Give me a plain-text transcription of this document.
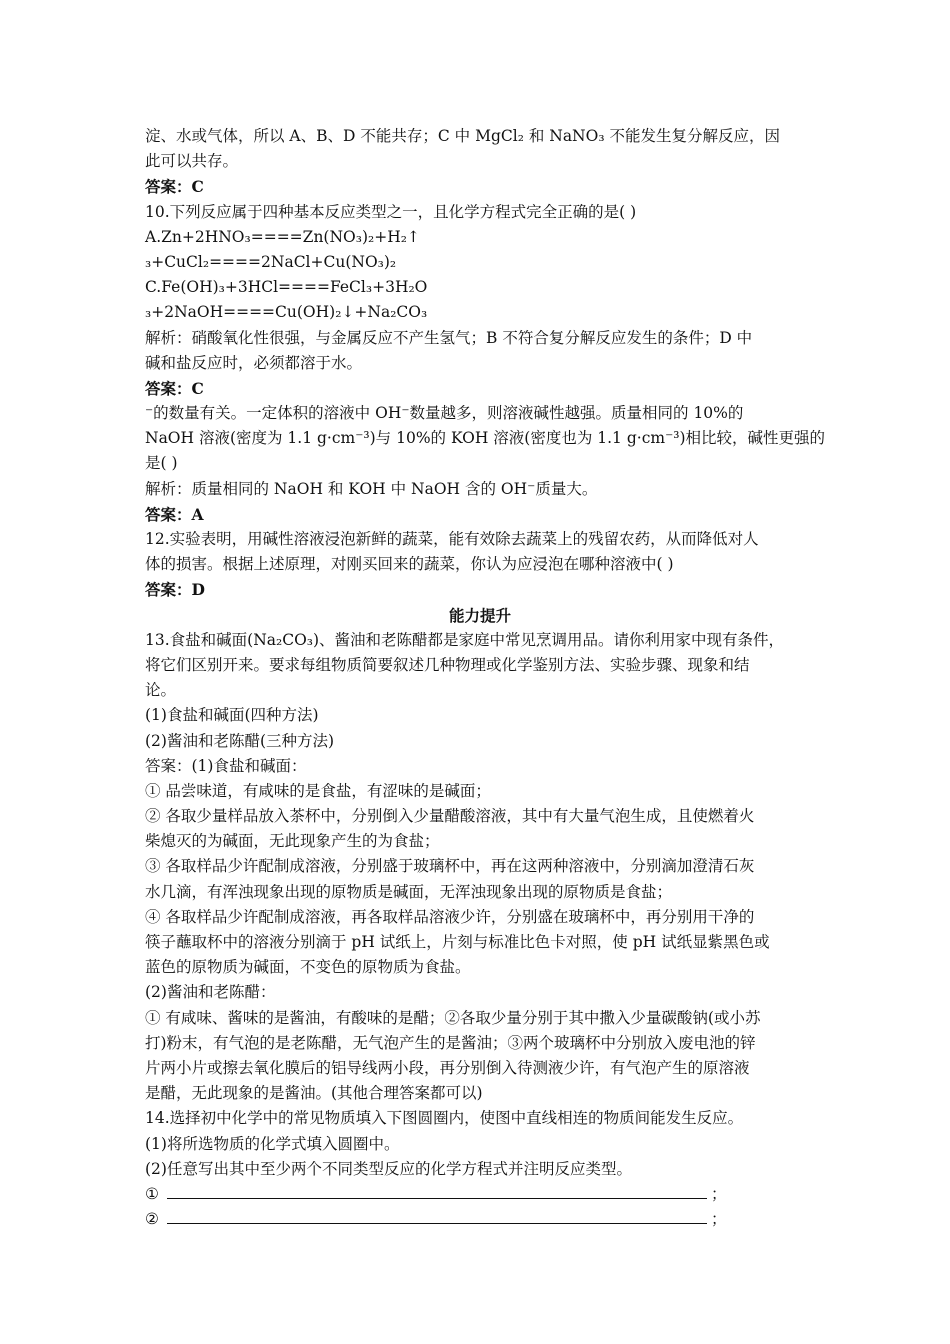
淀、水或气体，所以 A、B、D 不能共存；C 中 MgCl₂ 和 NaNO₃ 不能发生复分解反应，因
此可以共存。
答案：C
10.下列反应属于四种基本反应类型之一，且化学方程式完全正确的是( )
A.Zn+2HNO₃====Zn(NO₃)₂+H₂↑
₃+CuCl₂====2NaCl+Cu(NO₃)₂
C.Fe(OH)₃+3HCl====FeCl₃+3H₂O
₃+2NaOH====Cu(OH)₂↓+Na₂CO₃
解析：硝酸氧化性很强，与金属反应不产生氢气；B 不符合复分解反应发生的条件；D 中
碱和盐反应时，必须都溶于水。
答案：C
⁻的数量有关。一定体积的溶液中 OH⁻数量越多，则溶液碱性越强。质量相同的 10%的
NaOH 溶液(密度为 1.1 g·cm⁻³)与 10%的 KOH 溶液(密度也为 1.1 g·cm⁻³)相比较，碱性更强的
是( )
解析：质量相同的 NaOH 和 KOH 中 NaOH 含的 OH⁻质量大。
答案：A
12.实验表明，用碱性溶液浸泡新鲜的蔬菜，能有效除去蔬菜上的残留农药，从而降低对人
体的损害。根据上述原理，对刚买回来的蔬菜，你认为应浸泡在哪种溶液中( )
答案：D
能力提升
13.食盐和碱面(Na₂CO₃)、酱油和老陈醋都是家庭中常见烹调用品。请你利用家中现有条件，
将它们区别开来。要求每组物质简要叙述几种物理或化学鉴别方法、实验步骤、现象和结
论。
(1)食盐和碱面(四种方法)
(2)酱油和老陈醋(三种方法)
答案：(1)食盐和碱面：
① 品尝味道，有咸味的是食盐，有涩味的是碱面；
② 各取少量样品放入茶杯中，分别倒入少量醋酸溶液，其中有大量气泡生成，且使燃着火
柴熄灭的为碱面，无此现象产生的为食盐；
③ 各取样品少许配制成溶液，分别盛于玻璃杯中，再在这两种溶液中，分别滴加澄清石灰
水几滴，有浑浊现象出现的原物质是碱面，无浑浊现象出现的原物质是食盐；
④ 各取样品少许配制成溶液，再各取样品溶液少许，分别盛在玻璃杯中，再分别用干净的
筷子蘸取杯中的溶液分别滴于 pH 试纸上，片刻与标准比色卡对照，使 pH 试纸显紫黑色或
蓝色的原物质为碱面，不变色的原物质为食盐。
(2)酱油和老陈醋：
① 有咸味、酱味的是酱油，有酸味的是醋；②各取少量分别于其中撒入少量碳酸钠(或小苏
打)粉末，有气泡的是老陈醋，无气泡产生的是酱油；③两个玻璃杯中分别放入废电池的锌
片两小片或擦去氧化膜后的铝导线两小段，再分别倒入待测液少许，有气泡产生的原溶液
是醋，无此现象的是酱油。(其他合理答案都可以)
14.选择初中化学中的常见物质填入下图圆圈内，使图中直线相连的物质间能发生反应。
(1)将所选物质的化学式填入圆圈中。
(2)任意写出其中至少两个不同类型反应的化学方程式并注明反应类型。
①	；
②	；
